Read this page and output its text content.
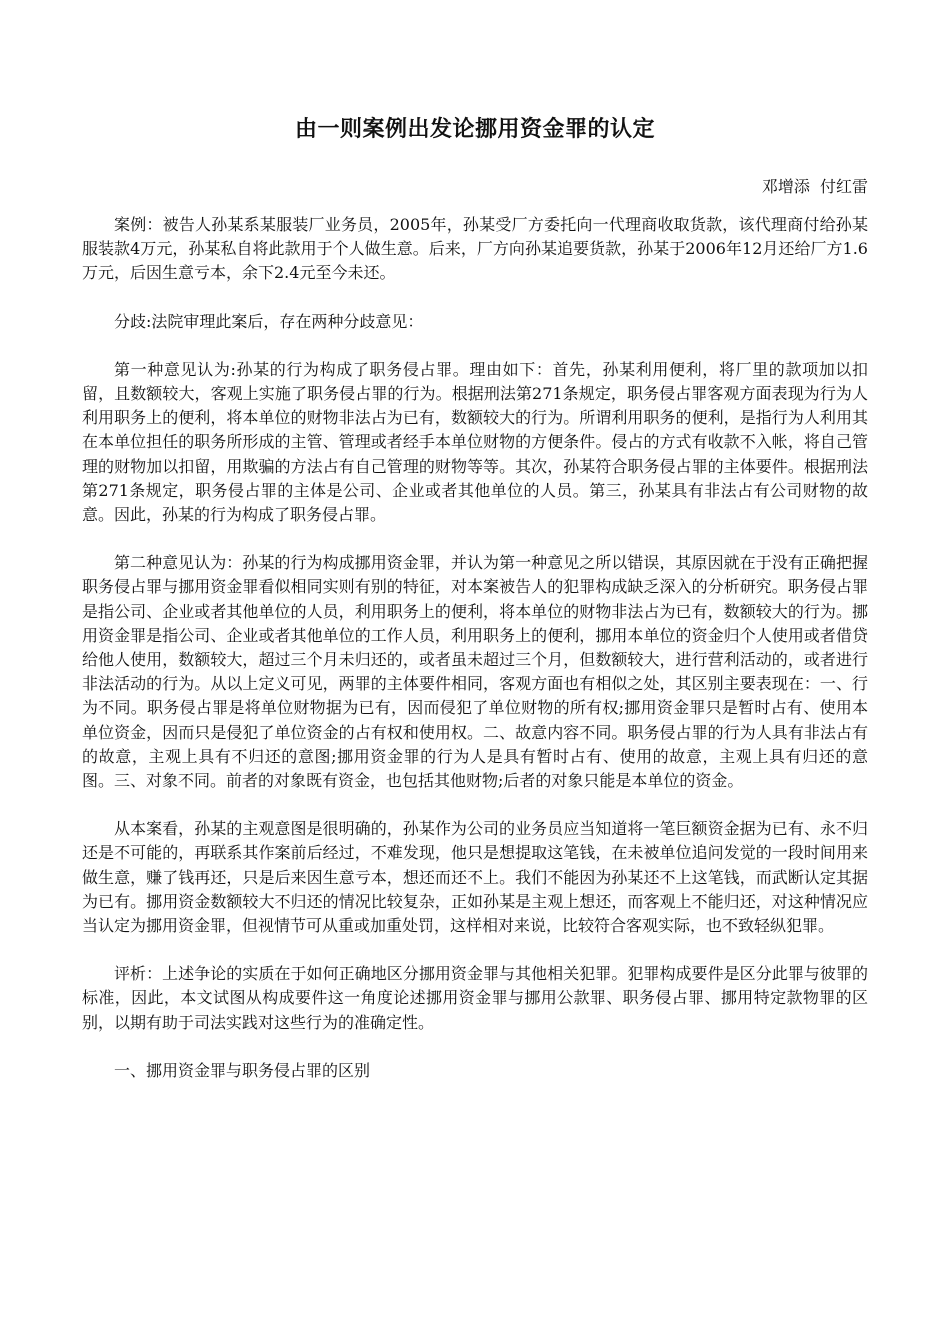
由一则案例出发论挪用资金罪的认定
邓增添  付红雷

案例：被告人孙某系某服装厂业务员，2005年，孙某受厂方委托向一代理商收取货款，该代理商付给孙某服装款4万元，孙某私自将此款用于个人做生意。后来，厂方向孙某追要货款，孙某于2006年12月还给厂方1.6万元，后因生意亏本，余下2.4元至今未还。

分歧:法院审理此案后，存在两种分歧意见：

第一种意见认为:孙某的行为构成了职务侵占罪。理由如下：首先，孙某利用便利，将厂里的款项加以扣留，且数额较大，客观上实施了职务侵占罪的行为。根据刑法第271条规定，职务侵占罪客观方面表现为行为人利用职务上的便利，将本单位的财物非法占为已有，数额较大的行为。所谓利用职务的便利，是指行为人利用其在本单位担任的职务所形成的主管、管理或者经手本单位财物的方便条件。侵占的方式有收款不入帐，将自己管理的财物加以扣留，用欺骗的方法占有自己管理的财物等等。其次，孙某符合职务侵占罪的主体要件。根据刑法第271条规定，职务侵占罪的主体是公司、企业或者其他单位的人员。第三，孙某具有非法占有公司财物的故意。因此，孙某的行为构成了职务侵占罪。

第二种意见认为：孙某的行为构成挪用资金罪，并认为第一种意见之所以错误，其原因就在于没有正确把握职务侵占罪与挪用资金罪看似相同实则有别的特征，对本案被告人的犯罪构成缺乏深入的分析研究。职务侵占罪是指公司、企业或者其他单位的人员，利用职务上的便利，将本单位的财物非法占为已有，数额较大的行为。挪用资金罪是指公司、企业或者其他单位的工作人员，利用职务上的便利，挪用本单位的资金归个人使用或者借贷给他人使用，数额较大，超过三个月未归还的，或者虽未超过三个月，但数额较大，进行营利活动的，或者进行非法活动的行为。从以上定义可见，两罪的主体要件相同，客观方面也有相似之处，其区别主要表现在：一、行为不同。职务侵占罪是将单位财物据为已有，因而侵犯了单位财物的所有权;挪用资金罪只是暂时占有、使用本单位资金，因而只是侵犯了单位资金的占有权和使用权。二、故意内容不同。职务侵占罪的行为人具有非法占有的故意，主观上具有不归还的意图;挪用资金罪的行为人是具有暂时占有、使用的故意，主观上具有归还的意图。三、对象不同。前者的对象既有资金，也包括其他财物;后者的对象只能是本单位的资金。

从本案看，孙某的主观意图是很明确的，孙某作为公司的业务员应当知道将一笔巨额资金据为已有、永不归还是不可能的，再联系其作案前后经过，不难发现，他只是想提取这笔钱，在未被单位追问发觉的一段时间用来做生意，赚了钱再还，只是后来因生意亏本，想还而还不上。我们不能因为孙某还不上这笔钱，而武断认定其据为已有。挪用资金数额较大不归还的情况比较复杂，正如孙某是主观上想还，而客观上不能归还，对这种情况应当认定为挪用资金罪，但视情节可从重或加重处罚，这样相对来说，比较符合客观实际，也不致轻纵犯罪。

评析：上述争论的实质在于如何正确地区分挪用资金罪与其他相关犯罪。犯罪构成要件是区分此罪与彼罪的标准，因此，本文试图从构成要件这一角度论述挪用资金罪与挪用公款罪、职务侵占罪、挪用特定款物罪的区别，以期有助于司法实践对这些行为的准确定性。

一、挪用资金罪与职务侵占罪的区别
